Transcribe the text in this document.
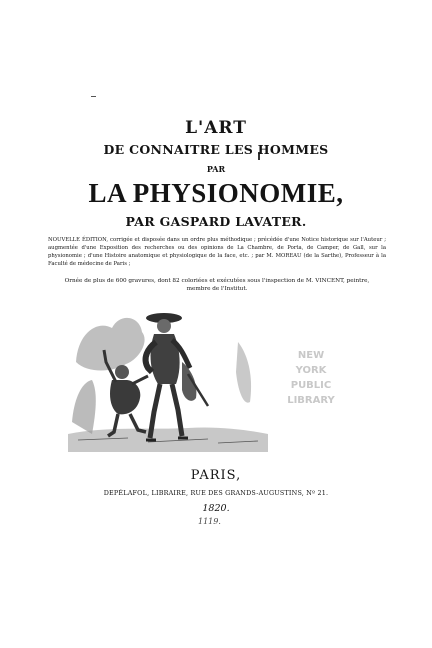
L'ART
DE CONNAITRE LES HOMMES
PAR
LA PHYSIONOMIE,
PAR GASPARD LAVATER.
NOUVELLE ÉDITION, corrigée et disposée dans un ordre plus méthodique ; précédée d'une Notice historique sur l'Auteur ; augmentée d'une Exposition des recherches ou des opinions de La Chambre, de Porta, de Camper, de Gall, sur la physionomie ; d'une Histoire anatomique et physiologique de la face, etc. ; par M. MOREAU (de la Sarthe), Professeur à la Faculté de médecine de Paris ;
Ornée de plus de 600 gravures, dont 82 coloriées et exécutées sous l'inspection de M. VINCENT, peintre, membre de l'Institut.
NEW YORK
PUBLIC
LIBRARY
PARIS,
DEPÉLAFOL, LIBRAIRE, RUE DES GRANDS-AUGUSTINS, Nº 21.
1820.
1119.
